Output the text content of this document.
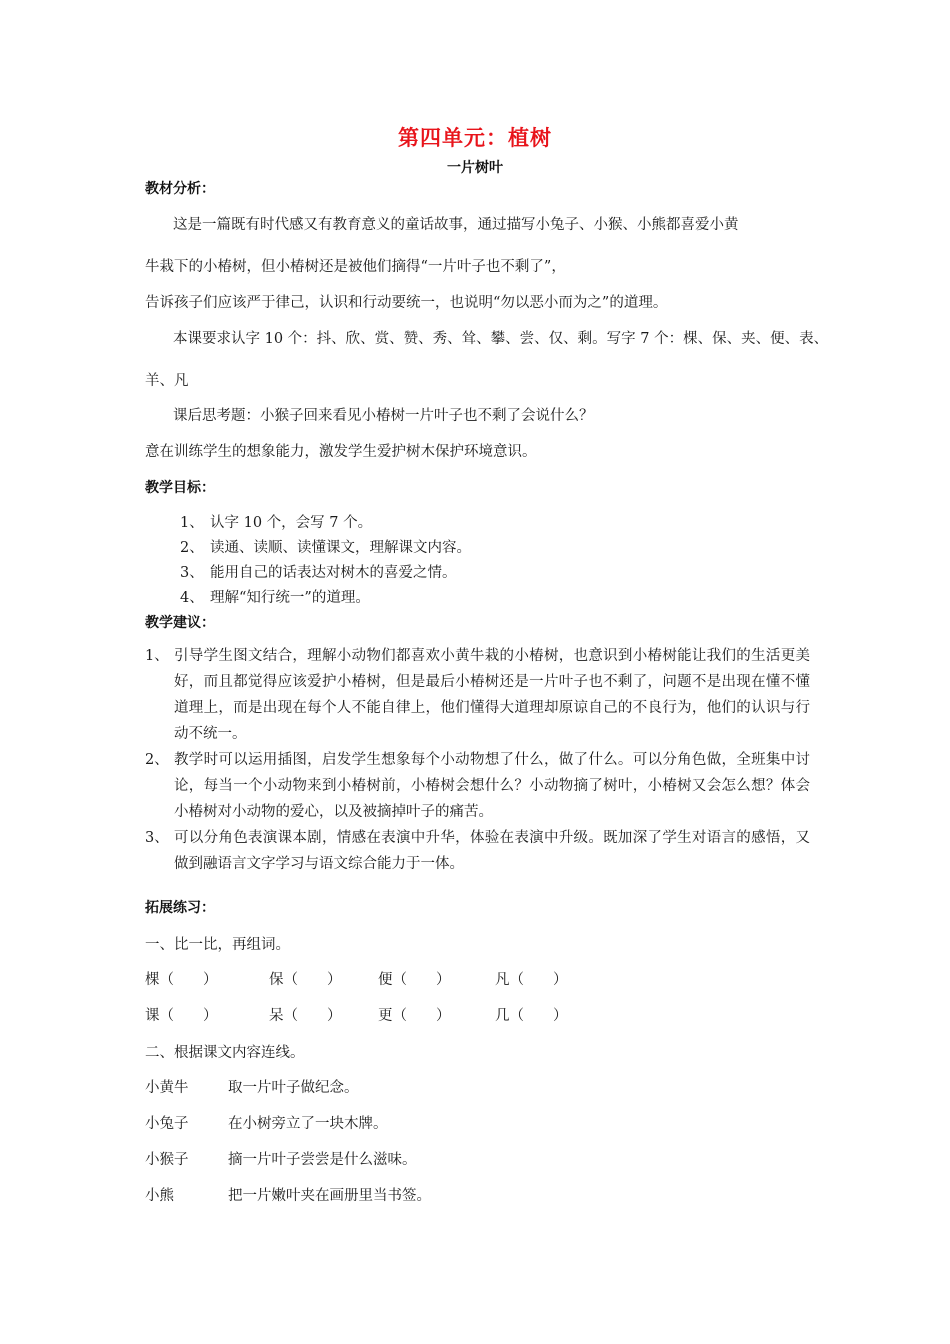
第四单元：植树
一片树叶
教材分析：
这是一篇既有时代感又有教育意义的童话故事，通过描写小兔子、小猴、小熊都喜爱小黄
牛栽下的小椿树，但小椿树还是被他们摘得“一片叶子也不剩了”，
告诉孩子们应该严于律己，认识和行动要统一，也说明“勿以恶小而为之”的道理。
本课要求认字 10 个：抖、欣、赏、赞、秀、耸、攀、尝、仅、剩。写字 7 个：棵、保、夹、便、表、
羊、凡
课后思考题：小猴子回来看见小椿树一片叶子也不剩了会说什么？
意在训练学生的想象能力，激发学生爱护树木保护环境意识。
教学目标：
1、 认字 10 个，会写 7 个。
2、 读通、读顺、读懂课文，理解课文内容。
3、 能用自己的话表达对树木的喜爱之情。
4、 理解“知行统一”的道理。
教学建议：
1、 引导学生图文结合，理解小动物们都喜欢小黄牛栽的小椿树，也意识到小椿树能让我们的生活更美好，而且都觉得应该爱护小椿树，但是最后小椿树还是一片叶子也不剩了，问题不是出现在懂不懂道理上，而是出现在每个人不能自律上，他们懂得大道理却原谅自己的不良行为，他们的认识与行动不统一。
2、 教学时可以运用插图，启发学生想象每个小动物想了什么，做了什么。可以分角色做，全班集中讨论，每当一个小动物来到小椿树前，小椿树会想什么？小动物摘了树叶，小椿树又会怎么想？体会小椿树对小动物的爱心，以及被摘掉叶子的痛苦。
3、 可以分角色表演课本剧，情感在表演中升华，体验在表演中升级。既加深了学生对语言的感悟，又做到融语言文字学习与语文综合能力于一体。
拓展练习：
一、比一比，再组词。
棵（　　）	保（　　）	便（　　）	凡（　　）
课（　　）	呆（　　）	更（　　）	几（　　）
二、根据课文内容连线。
小黄牛	取一片叶子做纪念。
小兔子	在小树旁立了一块木牌。
小猴子	摘一片叶子尝尝是什么滋味。
小熊	把一片嫩叶夹在画册里当书签。
